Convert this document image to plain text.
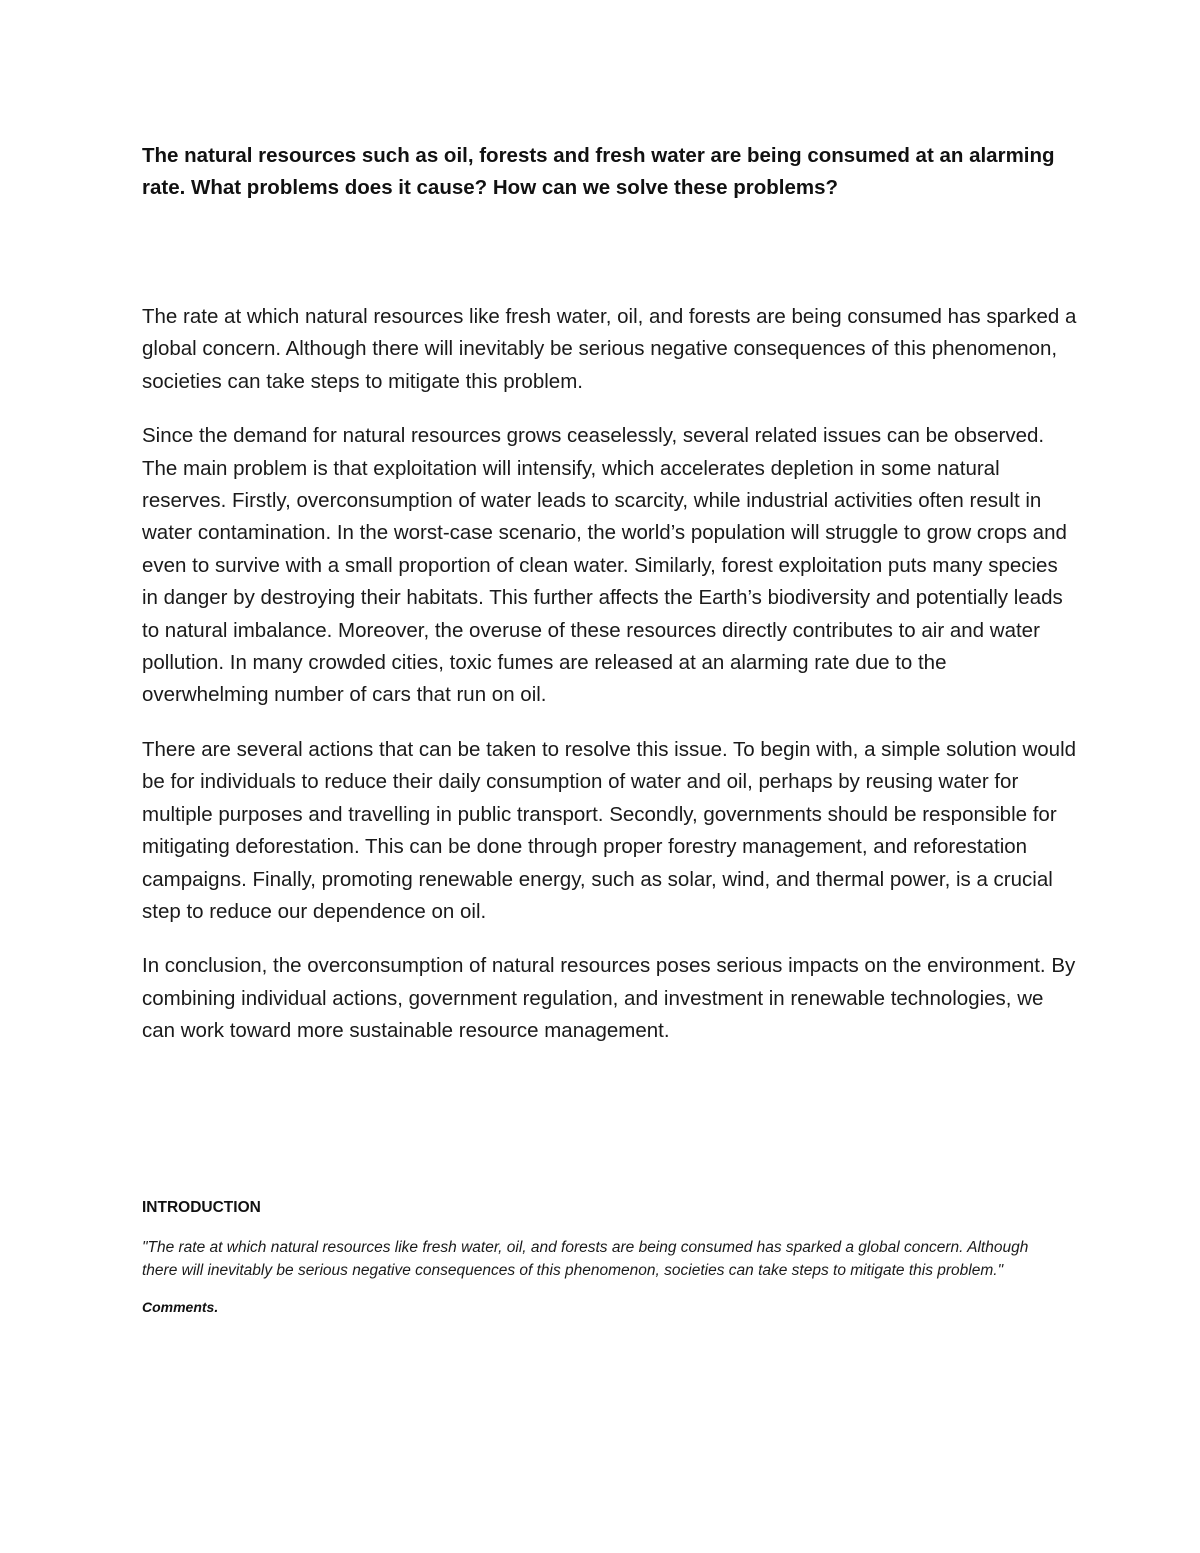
The natural resources such as oil, forests and fresh water are being consumed at an alarming rate. What problems does it cause? How can we solve these problems?

The rate at which natural resources like fresh water, oil, and forests are being consumed has sparked a global concern. Although there will inevitably be serious negative consequences of this phenomenon, societies can take steps to mitigate this problem.

Since the demand for natural resources grows ceaselessly, several related issues can be observed. The main problem is that exploitation will intensify, which accelerates depletion in some natural reserves. Firstly, overconsumption of water leads to scarcity, while industrial activities often result in water contamination. In the worst-case scenario, the world’s population will struggle to grow crops and even to survive with a small proportion of clean water. Similarly, forest exploitation puts many species in danger by destroying their habitats. This further affects the Earth’s biodiversity and potentially leads to natural imbalance. Moreover, the overuse of these resources directly contributes to air and water pollution. In many crowded cities, toxic fumes are released at an alarming rate due to the overwhelming number of cars that run on oil.

There are several actions that can be taken to resolve this issue. To begin with, a simple solution would be for individuals to reduce their daily consumption of water and oil, perhaps by reusing water for multiple purposes and travelling in public transport. Secondly, governments should be responsible for mitigating deforestation. This can be done through proper forestry management, and reforestation campaigns. Finally, promoting renewable energy, such as solar, wind, and thermal power, is a crucial step to reduce our dependence on oil.

In conclusion, the overconsumption of natural resources poses serious impacts on the environment. By combining individual actions, government regulation, and investment in renewable technologies, we can work toward more sustainable resource management.

INTRODUCTION

"The rate at which natural resources like fresh water, oil, and forests are being consumed has sparked a global concern. Although there will inevitably be serious negative consequences of this phenomenon, societies can take steps to mitigate this problem."

Comments.
